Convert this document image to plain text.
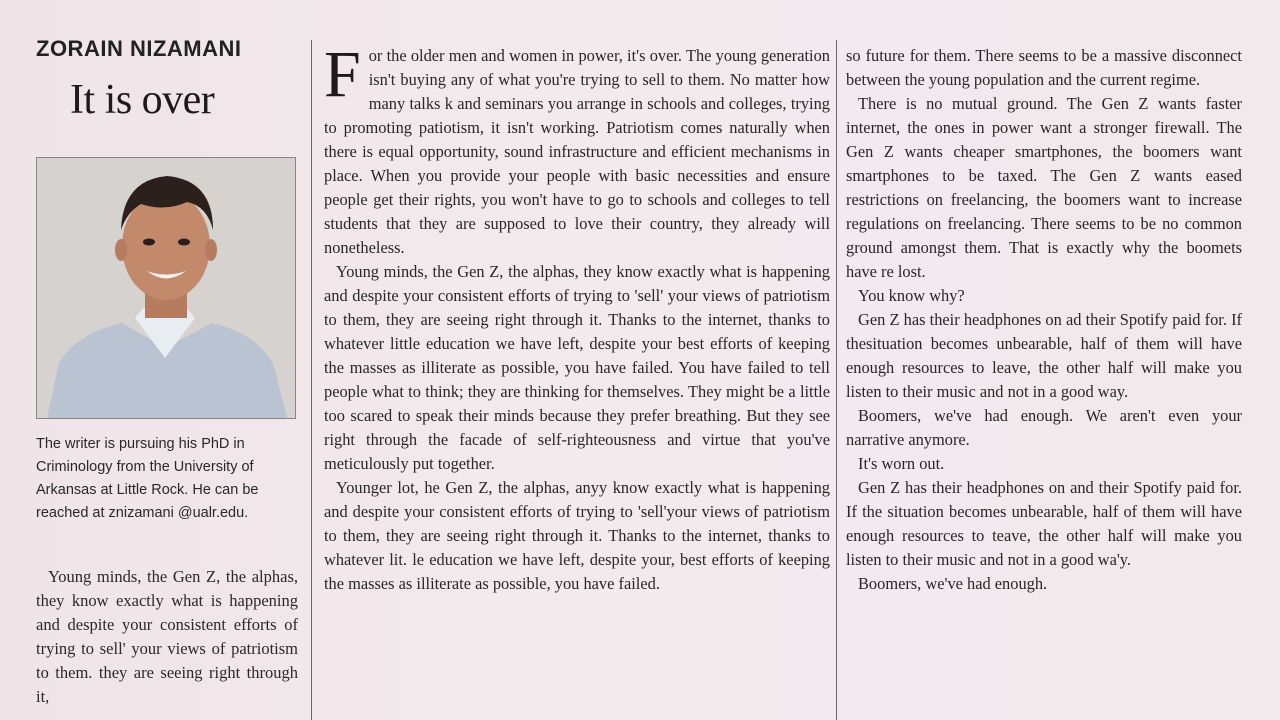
ZORAIN NIZAMANI
It is over

The writer is pursuing his PhD in Criminology from the University of Arkansas at Little Rock. He can be reached at znizamani @ualr.edu.

Young minds, the Gen Z, the alphas, they know exactly what is happening and despite your consistent efforts of trying to sell' your views of patriotism to them. they are seeing right through it,

For the older men and women in power, it's over. The young generation isn't buying any of what you're trying to sell to them. No matter how many talks k and seminars you arrange in schools and colleges, trying to promoting patiotism, it isn't working. Patriotism comes naturally when there is equal opportunity, sound infrastructure and efficient mechanisms in place. When you provide your people with basic necessities and ensure people get their rights, you won't have to go to schools and colleges to tell students that they are supposed to love their country, they already will nonetheless.

Young minds, the Gen Z, the alphas, they know exactly what is happening and despite your consistent efforts of trying to 'sell' your views of patriotism to them, they are seeing right through it. Thanks to the internet, thanks to whatever little education we have left, despite your best efforts of keeping the masses as illiterate as possible, you have failed. You have failed to tell people what to think; they are thinking for themselves. They might be a little too scared to speak their minds because they prefer breathing. But they see right through the facade of self-righteousness and virtue that you've meticulously put together.

Younger lot, he Gen Z, the alphas, anyy know exactly what is happening and despite your consistent efforts of trying to 'sell'your views of patriotism to them, they are seeing right through it. Thanks to the internet, thanks to whatever lit. le education we have left, despite your, best efforts of keeping the masses as illiterate as possible, you have failed.

so future for them. There seems to be a massive disconnect between the young population and the current regime.

There is no mutual ground. The Gen Z wants faster internet, the ones in power want a stronger firewall. The Gen Z wants cheaper smartphones, the boomers want smartphones to be taxed. The Gen Z wants eased restrictions on freelancing, the boomers want to increase regulations on freelancing. There seems to be no common ground amongst them. That is exactly why the boomets have re lost.

You know why?

Gen Z has their headphones on ad their Spotify paid for. If thesituation becomes unbearable, half of them will have enough resources to leave, the other half will make you listen to their music and not in a good way.

Boomers, we've had enough. We aren't even your narrative anymore.

It's worn out.

Gen Z has their headphones on and their Spotify paid for. If the situation becomes unbearable, half of them will have enough resources to teave, the other half will make you listen to their music and not in a good wa'y.

Boomers, we've had enough.
